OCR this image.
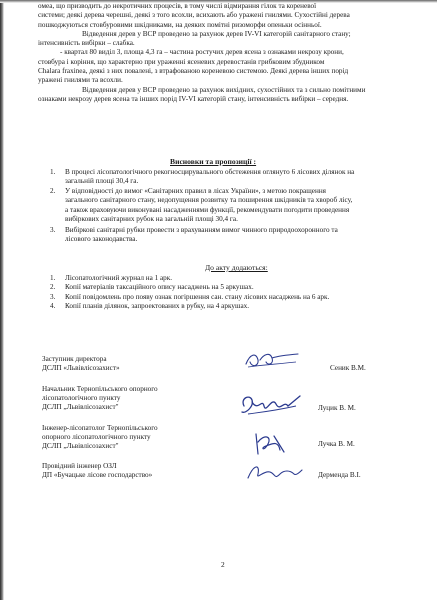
омеа, що призводить до некротичних процесів, в тому числі відмирання гілок та кореневої
системи; деякі дерева черешні, деякі з того всохли, всихають або уражені гнилями. Сухостійні дерева
пошкоджуються стовбуровими шкідниками, на деяких помітні ризоморфи опеньки осінньої.
Відведення дерев у ВСР проведено за рахунок дерев IV-VI категорій санітарного стану;
інтенсивність вибірки – слабка.
- квартал 80 виділ 3, площа 4,3 га – частина ростучих дерев ясена з ознаками некрозу крони,
стовбура і коріння, що характерно при ураженні ясеневих деревостанів грибковим збудником
Chalara fraxinea, деякі з них повалені, з втрафованою кореневою системою. Деякі дерева інших порід
уражені гнилями та всохли.
Відведення дерев у ВСР проведено за рахунок вихідних, сухостійних та з сильно помітними
ознаками некрозу дерев ясена та інших порід IV-VI категорій стану, інтенсивність вибірки – середня.
Висновки та пропозиції :
1. В процесі лісопатологічного рекогносцирувального обстеження оглянуто 6 лісових ділянок на
загальній площі 30,4 га.
2. У відповідності до вимог «Санітарних правил в лісах України», з метою покращення
загального санітарного стану, недопущення розвитку та поширення шкідників та хвороб лісу,
а також враховуючи виконувані насадженнями функції, рекомендувати погодити проведення
вибіркових санітарних рубок на загальній площі 30,4 га.
3. Вибіркові санітарні рубки провести з врахуванням вимог чинного природоохоронного та
лісового законодавства.
До акту додаються:
1. Лісопатологічний журнал на 1 арк.
2. Копії матеріалів таксаційного опису насаджень на 5 аркушах.
3. Копії повідомлень про появу ознак погіршення сан. стану лісових насаджень на 6 арк.
4. Копії планів ділянок, запроектованих в рубку, на 4 аркушах.
Заступник директора
ДСЛП «Львівлісозахист»	Сеник В.М.
Начальник Тернопільського опорного
лісопатологічного пункту
ДСЛП „Львівлісозахист"	Луцик В. М.
Інженер-лісопатолог Тернопільського
опорного лісопатологічного пункту
ДСЛП „Львівлісозахист"	Лучка В. М.
Провідний інженер ОЗЛ
ДП «Бучацьке лісове господарство»	Дерменда В.І.
2
